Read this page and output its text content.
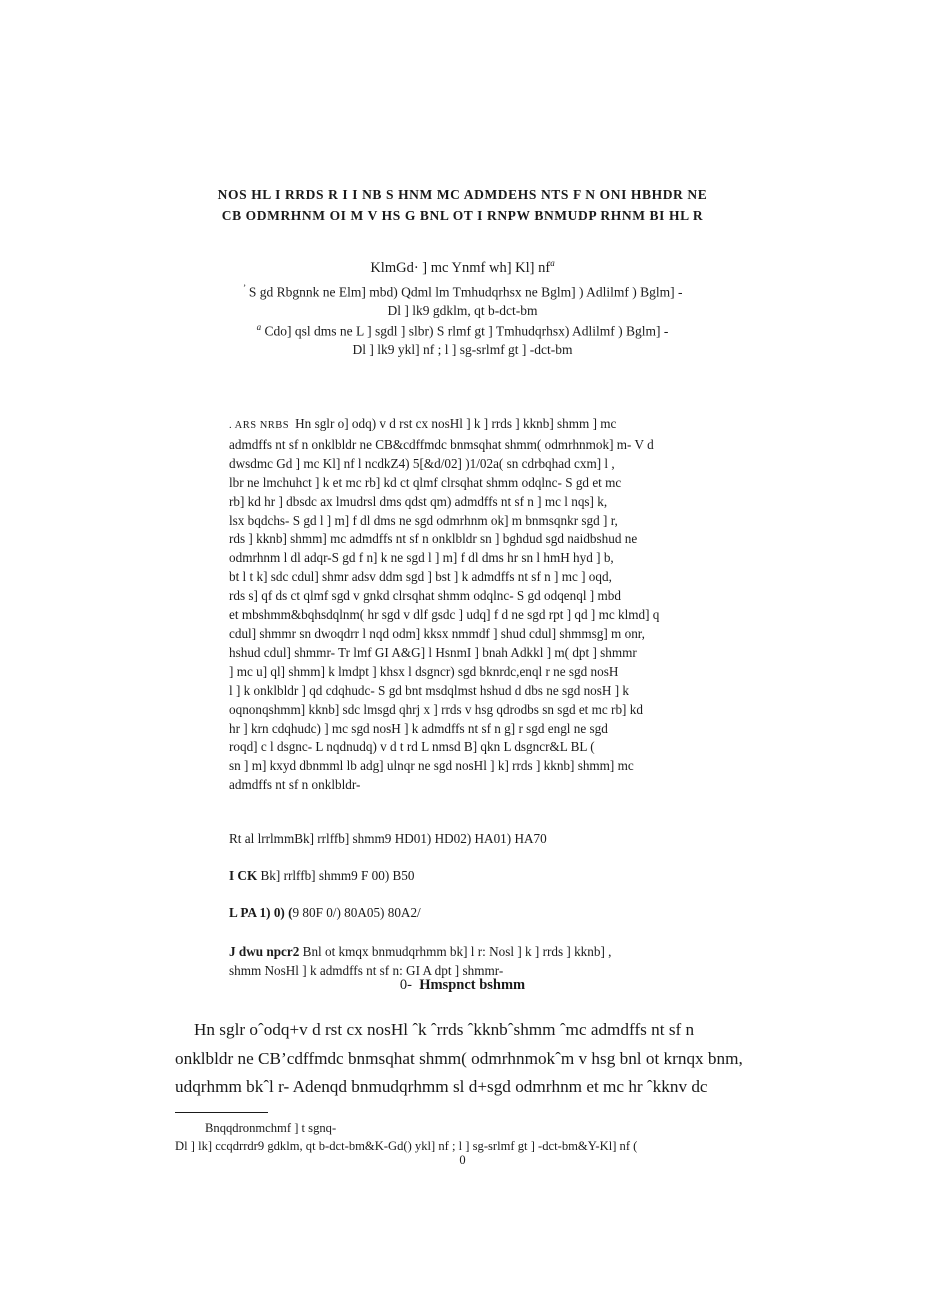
NOS HL I RRDS R I I NB S HNM MC ADMDEHS NTS F N ONI HBHDR NE
CB ODMRHNM OI M V HS G BNL OT I RNPW BNMUDP RHNM BI HL R
KlmGd· ] mc Ynmf wh] Kl] $nf^a$
’ S gd Rbgnnk ne Elm] mbd) Qdml lm Tmhudqrhsx ne Bglm] ) Adlilmf ) Bglm] -
Dl ] lk9 gdklm, qt b-dct-bm
$^a$ Cdo] qsl dms ne L ] sgdl ] slbr) S rlmf gt ] Tmhudqrhsx) Adlilmf ) Bglm] -
Dl ] lk9 ykl] nf ; l ] sg-srlmf gt ] -dct-bm
. ARS NRBS Hn sglr o] odq) v d rst cx nosHl ] k ] rrds ] kknb] shmm ] mc
admdffs nt sf n onklbldr ne CB&cdffmdc bnmsqhat shmm( odmrhnmok] m- V d
dwsdmc Gd ] mc Kl] nf l ncdkZ4) 5[&d/02] )1/02a( sn cdrbqhad cxm] l ,
lbr ne lmchuhct ] k et mc rb] kd ct qlmf clrsqhat shmm odqlnc- S gd et mc
rb] kd hr ] dbsdc ax lmudrsl dms qdst qm) admdffs nt sf n ] mc l nqs] k,
lsx bqdchs- S gd l ] m] f dl dms ne sgd odmrhnm ok] m bnmsqnkr sgd ] r,
rds ] kknb] shmm] mc admdffs nt sf n onklbldr sn ] bghdud sgd naidbshud ne
odmrhnm l dl adqr-S gd f n] k ne sgd l ] m] f dl dms hr sn l hmH hyd ] b,
bt l t k] sdc cdul] shmr adsv ddm sgd ] bst ] k admdffs nt sf n ] mc ] oqd,
rds s] qf ds ct qlmf sgd v gnkd clrsqhat shmm odqlnc- S gd odqenql ] mbd
et mbshmm&bqhsdqlnm( hr sgd v dlf gsdc ] udq] f d ne sgd rpt ] qd ] mc klmd] q
cdul] shmmr sn dwoqdrr l nqd odm] kksx nmmdf ] shud cdul] shmmsg] m onr,
hshud cdul] shmmr- Tr lmf GI A&G] l HsnmI ] bnah Adkkl ] m( dpt ] shmmr
] mc u] ql] shmm] k lmdpt ] khsx l dsgncr) sgd bknrdc,enql r ne sgd nosH
l ] k onklbldr ] qd cdqhudc- S gd bnt msdqlmst hshud d dbs ne sgd nosH ] k
oqnonqshmm] kknb] sdc lmsgd qhrj x ] rrds v hsg qdrodbs sn sgd et mc rb] kd
hr ] krn cdqhudc) ] mc sgd nosH ] k admdffs nt sf n g] r sgd engl ne sgd
roqd] c l dsgnc- L nqdnudq) v d t rd L nmsd B] qkn L dsgncr&L BL (
sn ] m] kxyd dbnmml lb adg] ulnqr ne sgd nosHl ] k] rrds ] kknb] shmm] mc
admdffs nt sf n onklbldr-
Rt al lrrlmmBk] rrlffb] shmm9 HD01) HD02) HA01) HA70
I CK Bk] rrlffb] shmm9 F 00) B50
L PA 1) 0) (9 80F 0/) 80A05) 80A2/
J dwu npcr2 Bnl ot kmqx bnmudqrhmm bk] l r: Nosl ] k ] rrds ] kknb] ,
shmm NosHl ] k admdffs nt sf n: GI A dpt ] shmmr-
0- Hmspnct bshmm
Hn sglr oˆodq+v d rst cx nosHl ˆk ˆrrds ˆkknbˆshmm ˆmc admdffs nt sf n
onklbldr ne CB’cdffmdc bnmsqhat shmm( odmrhnmokˆm v hsg bnl ot krnqx bnm,
udqrhmm bkˆl r- Adenqd bnmudqrhmm sl d+sgd odmrhnm et mc hr ˆkknv dc
Bnqqdronmchmf ] t sgnq-
Dl ] lk] ccqdrrdr9 gdklm, qt b-dct-bm&K-Gd() ykl] nf ; l ] sg-srlmf gt ] -dct-bm&Y-Kl] nf (
0
